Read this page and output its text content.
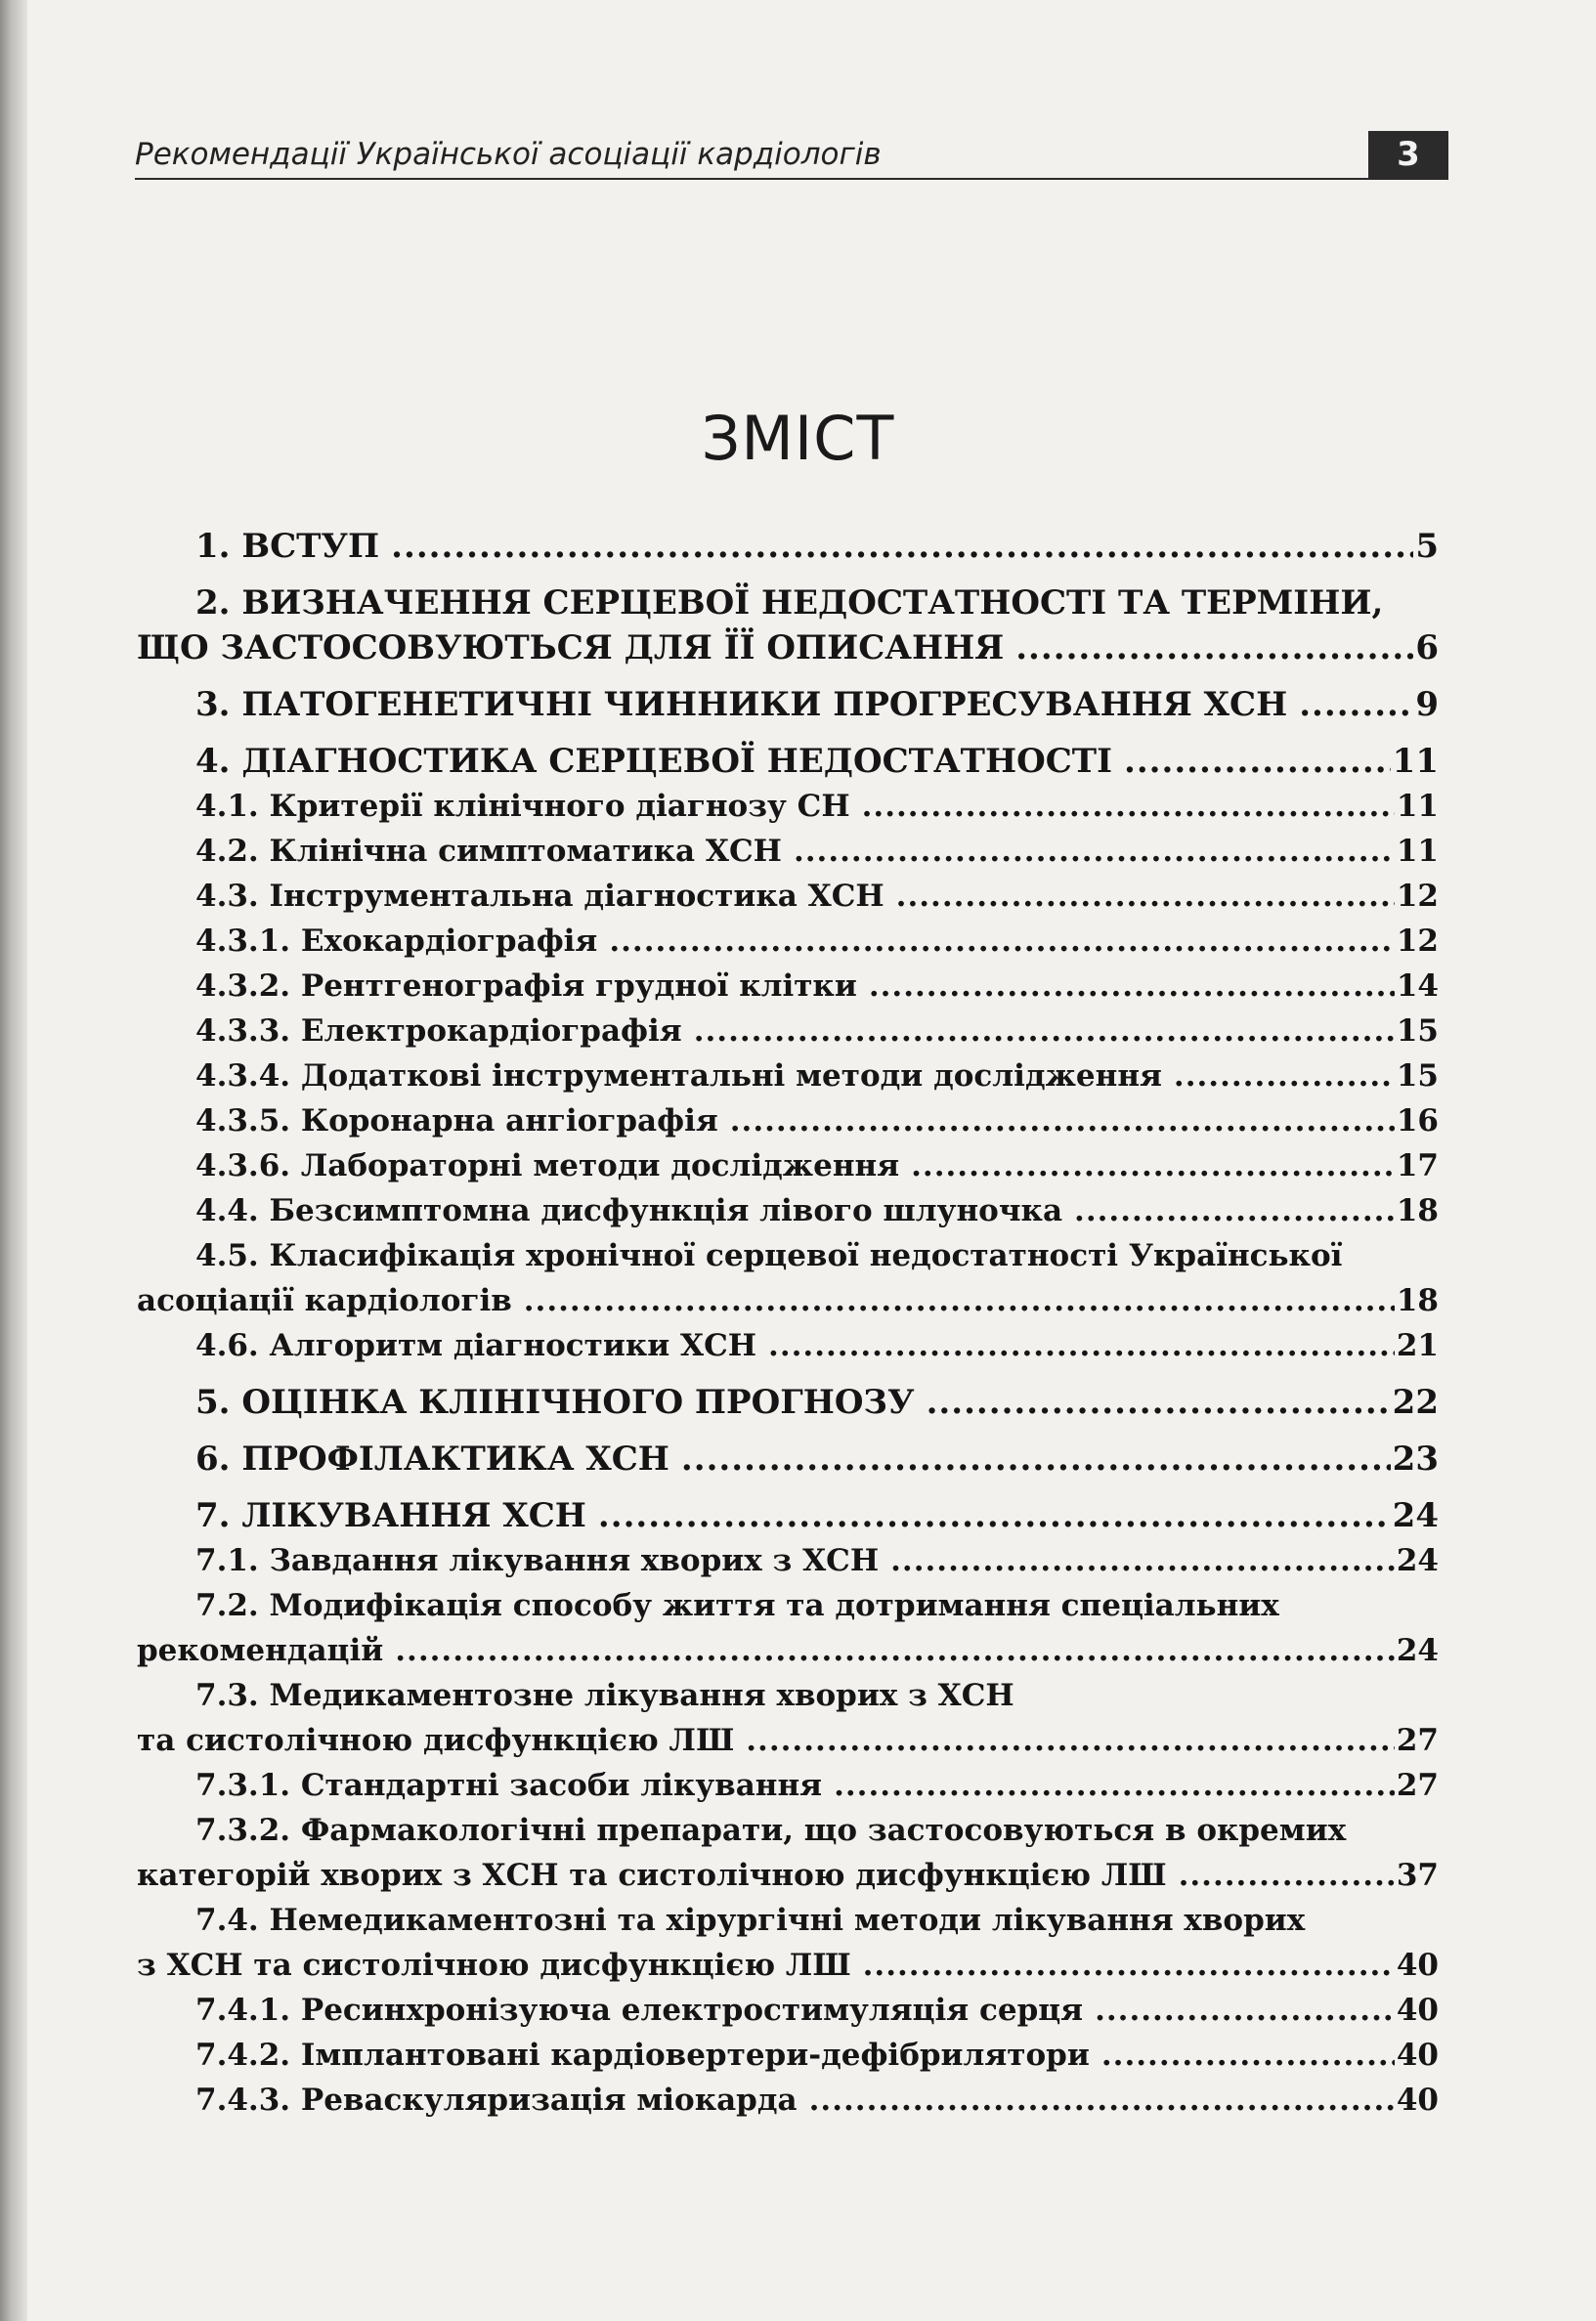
Рекомендації Української асоціації кардіологів	3
ЗМІСТ
1. ВСТУП .....	5
2. ВИЗНАЧЕННЯ СЕРЦЕВОЇ НЕДОСТАТНОСТІ ТА ТЕРМІНИ,
ЩО ЗАСТОСОВУЮТЬСЯ ДЛЯ ЇЇ ОПИСАННЯ .....	6
3. ПАТОГЕНЕТИЧНІ ЧИННИКИ ПРОГРЕСУВАННЯ ХСН .....	9
4. ДІАГНОСТИКА СЕРЦЕВОЇ НЕДОСТАТНОСТІ .....	11
4.1. Критерії клінічного діагнозу СН .....	11
4.2. Клінічна симптоматика ХСН .....	11
4.3. Інструментальна діагностика ХСН .....	12
4.3.1. Ехокардіографія .....	12
4.3.2. Рентгенографія грудної клітки .....	14
4.3.3. Електрокардіографія .....	15
4.3.4. Додаткові інструментальні методи дослідження .....	15
4.3.5. Коронарна ангіографія .....	16
4.3.6. Лабораторні методи дослідження .....	17
4.4. Безсимптомна дисфункція лівого шлуночка .....	18
4.5. Класифікація хронічної серцевої недостатності Української
асоціації кардіологів .....	18
4.6. Алгоритм діагностики ХСН .....	21
5. ОЦІНКА КЛІНІЧНОГО ПРОГНОЗУ .....	22
6. ПРОФІЛАКТИКА ХСН .....	23
7. ЛІКУВАННЯ ХСН .....	24
7.1. Завдання лікування хворих з ХСН .....	24
7.2. Модифікація способу життя та дотримання спеціальних
рекомендацій .....	24
7.3. Медикаментозне лікування хворих з ХСН
та систолічною дисфункцією ЛШ .....	27
7.3.1. Стандартні засоби лікування .....	27
7.3.2. Фармакологічні препарати, що застосовуються в окремих
категорій хворих з ХСН та систолічною дисфункцією ЛШ .....	37
7.4. Немедикаментозні та хірургічні методи лікування хворих
з ХСН та систолічною дисфункцією ЛШ .....	40
7.4.1. Ресинхронізуюча електростимуляція серця .....	40
7.4.2. Імплантовані кардіовертери-дефібрилятори .....	40
7.4.3. Реваскуляризація міокарда .....	40
